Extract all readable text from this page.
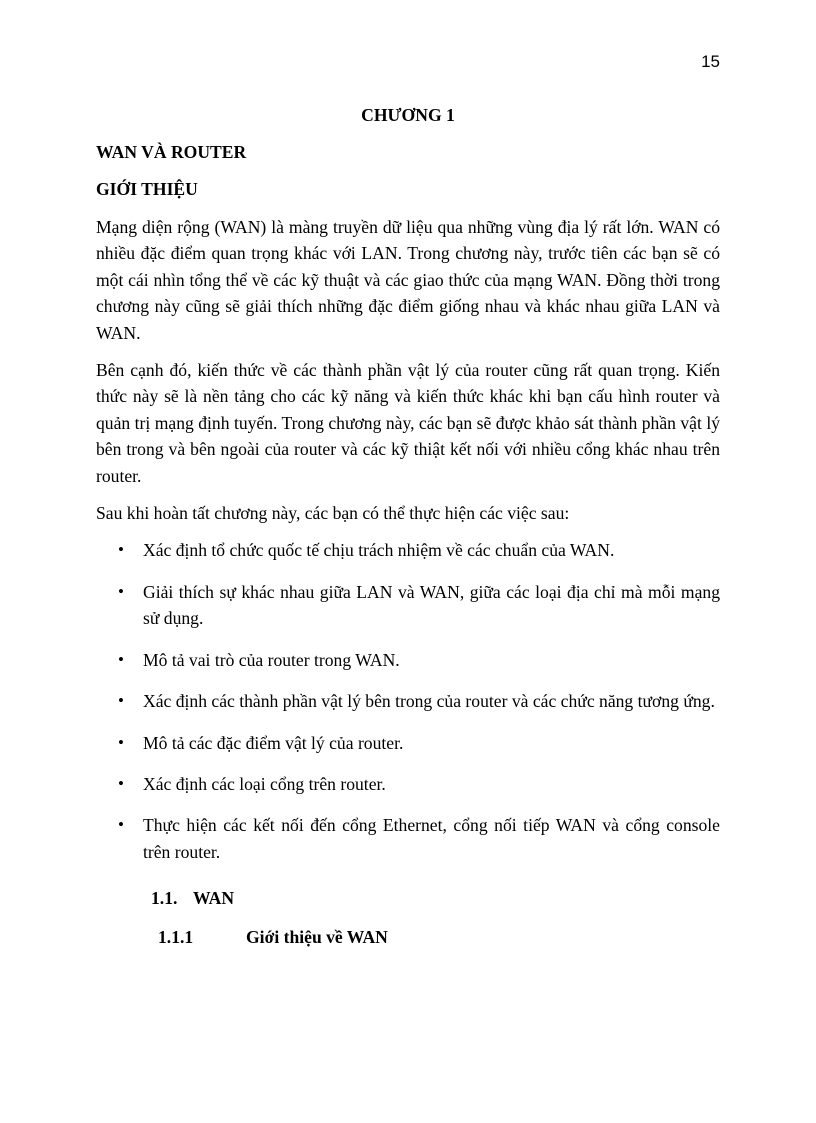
15
CHƯƠNG 1
WAN VÀ ROUTER
GIỚI THIỆU

Mạng diện rộng (WAN) là màng truyền dữ liệu qua những vùng địa lý rất lớn. WAN có nhiều đặc điểm quan trọng khác với LAN. Trong chương này, trước tiên các bạn sẽ có một cái nhìn tổng thể về các kỹ thuật và các giao thức của mạng WAN. Đồng thời trong chương này cũng sẽ giải thích những đặc điểm giống nhau và khác nhau giữa LAN và WAN.

Bên cạnh đó, kiến thức về các thành phần vật lý của router cũng rất quan trọng. Kiến thức này sẽ là nền tảng cho các kỹ năng và kiến thức khác khi bạn cấu hình router và quản trị mạng định tuyến. Trong chương này, các bạn sẽ được khảo sát thành phần vật lý bên trong và bên ngoài của router và các kỹ thiật kết nối với nhiều cổng khác nhau trên router.

Sau khi hoàn tất chương này, các bạn có thể thực hiện các việc sau:

• Xác định tổ chức quốc tế chịu trách nhiệm về các chuẩn của WAN.
• Giải thích sự khác nhau giữa LAN và WAN, giữa các loại địa chỉ mà mỗi mạng sử dụng.
• Mô tả vai trò của router trong WAN.
• Xác định các thành phần vật lý bên trong của router và các chức năng tương ứng.
• Mô tả các đặc điểm vật lý của router.
• Xác định các loại cổng trên router.
• Thực hiện các kết nối đến cổng Ethernet, cổng nối tiếp WAN và cổng console trên router.
1.1. WAN
1.1.1	Giới thiệu về WAN
